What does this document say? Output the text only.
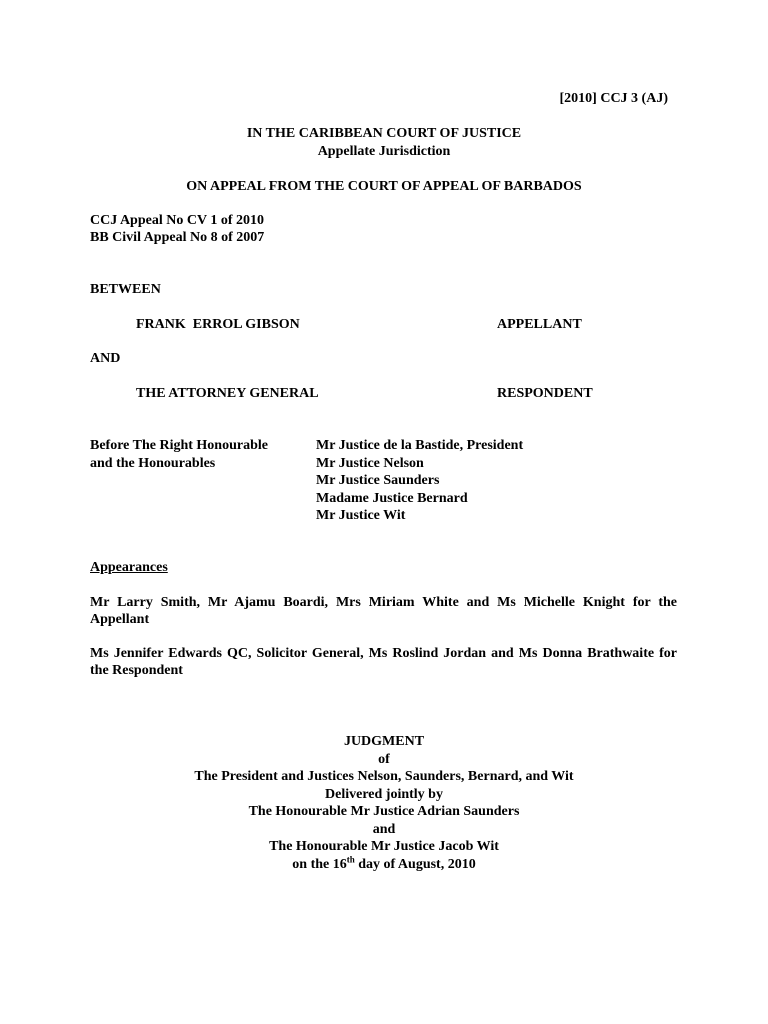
[2010] CCJ 3 (AJ)
IN THE CARIBBEAN COURT OF JUSTICE
Appellate Jurisdiction
ON APPEAL FROM THE COURT OF APPEAL OF BARBADOS
CCJ Appeal No CV 1 of 2010
BB Civil Appeal No 8 of 2007
BETWEEN
FRANK  ERROL GIBSON	APPELLANT
AND
THE ATTORNEY GENERAL	RESPONDENT
Before The Right Honourable
and the Honourables
Mr Justice de la Bastide, President
Mr Justice Nelson
Mr Justice Saunders
Madame Justice Bernard
Mr Justice Wit
Appearances
Mr Larry Smith, Mr Ajamu Boardi, Mrs Miriam White and Ms Michelle Knight for the Appellant
Ms Jennifer Edwards QC, Solicitor General, Ms Roslind Jordan and Ms Donna Brathwaite for the Respondent
JUDGMENT
of
The President and Justices Nelson, Saunders, Bernard, and Wit
Delivered jointly by
The Honourable Mr Justice Adrian Saunders
and
The Honourable Mr Justice Jacob Wit
on the 16th day of August, 2010
